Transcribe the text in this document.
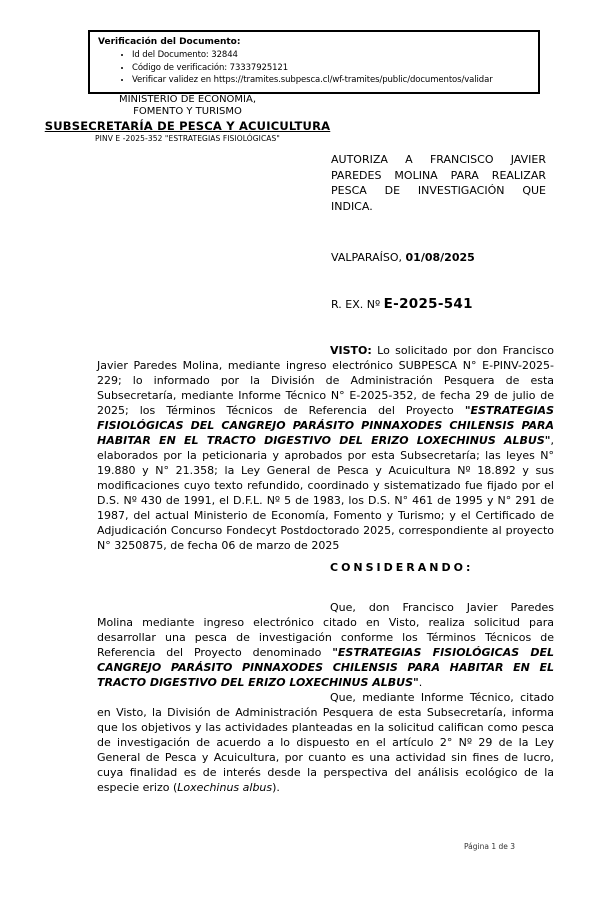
Verificación del Documento:
• Id del Documento: 32844
• Código de verificación: 73337925121
• Verificar validez en https://tramites.subpesca.cl/wf-tramites/public/documentos/validar
MINISTERIO DE ECONOMÍA,
FOMENTO Y TURISMO
SUBSECRETARÍA DE PESCA Y ACUICULTURA
PINV E -2025-352 "ESTRATEGIAS FISIOLÓGICAS"
AUTORIZA A FRANCISCO JAVIER PAREDES MOLINA PARA REALIZAR PESCA DE INVESTIGACIÓN QUE INDICA.
VALPARAÍSO, 01/08/2025
R. EX. Nº E-2025-541

VISTO: Lo solicitado por don Francisco Javier Paredes Molina, mediante ingreso electrónico SUBPESCA N° E-PINV-2025-229; lo informado por la División de Administración Pesquera de esta Subsecretaría, mediante Informe Técnico N° E-2025-352, de fecha 29 de julio de 2025; los Términos Técnicos de Referencia del Proyecto "ESTRATEGIAS FISIOLÓGICAS DEL CANGREJO PARÁSITO PINNAXODES CHILENSIS PARA HABITAR EN EL TRACTO DIGESTIVO DEL ERIZO LOXECHINUS ALBUS", elaborados por la peticionaria y aprobados por esta Subsecretaría; las leyes N° 19.880 y N° 21.358; la Ley General de Pesca y Acuicultura Nº 18.892 y sus modificaciones cuyo texto refundido, coordinado y sistematizado fue fijado por el D.S. Nº 430 de 1991, el D.F.L. Nº 5 de 1983, los D.S. N° 461 de 1995 y N° 291 de 1987, del actual Ministerio de Economía, Fomento y Turismo; y el Certificado de Adjudicación Concurso Fondecyt Postdoctorado 2025, correspondiente al proyecto N° 3250875, de fecha 06 de marzo de 2025

CONSIDERANDO:

Que, don Francisco Javier Paredes Molina mediante ingreso electrónico citado en Visto, realiza solicitud para desarrollar una pesca de investigación conforme los Términos Técnicos de Referencia del Proyecto denominado "ESTRATEGIAS FISIOLÓGICAS DEL CANGREJO PARÁSITO PINNAXODES CHILENSIS PARA HABITAR EN EL TRACTO DIGESTIVO DEL ERIZO LOXECHINUS ALBUS".

Que, mediante Informe Técnico, citado en Visto, la División de Administración Pesquera de esta Subsecretaría, informa que los objetivos y las actividades planteadas en la solicitud califican como pesca de investigación de acuerdo a lo dispuesto en el artículo 2° Nº 29 de la Ley General de Pesca y Acuicultura, por cuanto es una actividad sin fines de lucro, cuya finalidad es de interés desde la perspectiva del análisis ecológico de la especie erizo (Loxechinus albus).

Página 1 de 3
